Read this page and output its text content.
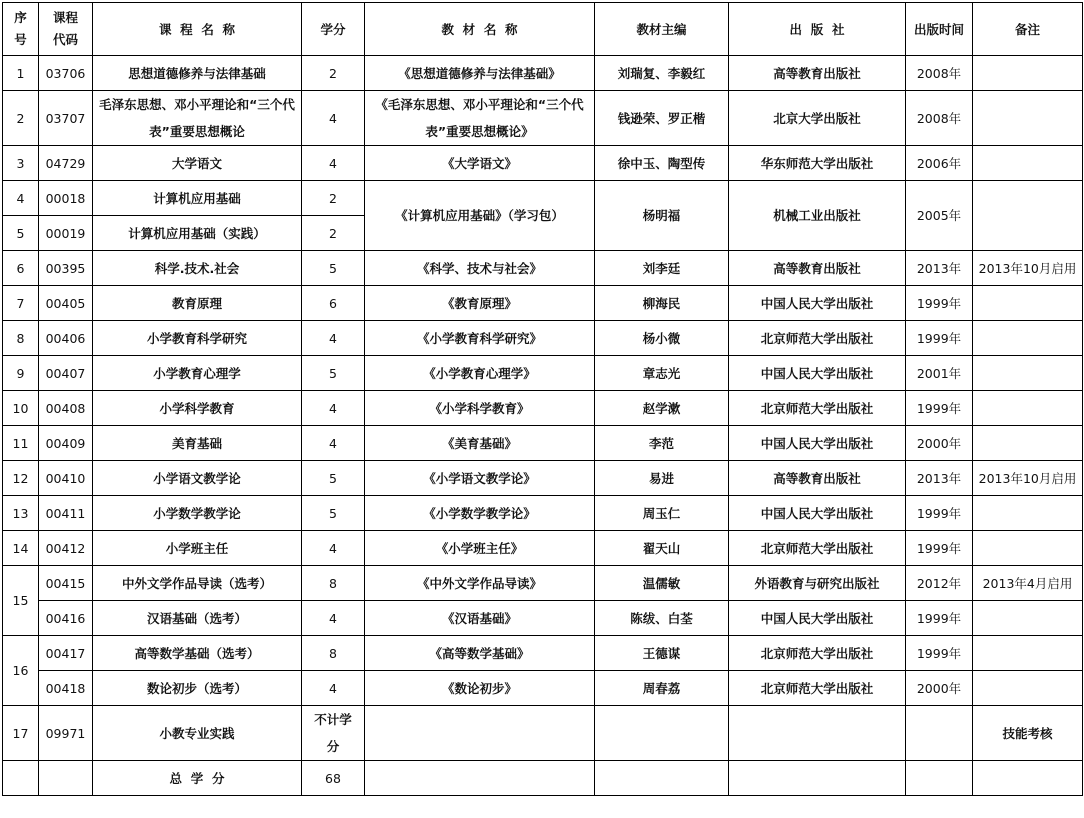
序号	课程代码	课  程  名  称	学分	教  材  名  称	教材主编	出  版  社	出版时间	备注
1	03706	思想道德修养与法律基础	2	《思想道德修养与法律基础》	刘瑞复、李毅红	高等教育出版社	2008年	
2	03707	毛泽东思想、邓小平理论和“三个代表”重要思想概论	4	《毛泽东思想、邓小平理论和“三个代表”重要思想概论》	钱逊荣、罗正楷	北京大学出版社	2008年	
3	04729	大学语文	4	《大学语文》	徐中玉、陶型传	华东师范大学出版社	2006年	
4	00018	计算机应用基础	2	《计算机应用基础》（学习包）	杨明福	机械工业出版社	2005年	
5	00019	计算机应用基础（实践）	2					
6	00395	科学.技术.社会	5	《科学、技术与社会》	刘李廷	高等教育出版社	2013年	2013年10月启用
7	00405	教育原理	6	《教育原理》	柳海民	中国人民大学出版社	1999年	
8	00406	小学教育科学研究	4	《小学教育科学研究》	杨小微	北京师范大学出版社	1999年	
9	00407	小学教育心理学	5	《小学教育心理学》	章志光	中国人民大学出版社	2001年	
10	00408	小学科学教育	4	《小学科学教育》	赵学漱	北京师范大学出版社	1999年	
11	00409	美育基础	4	《美育基础》	李范	中国人民大学出版社	2000年	
12	00410	小学语文教学论	5	《小学语文教学论》	易进	高等教育出版社	2013年	2013年10月启用
13	00411	小学数学教学论	5	《小学数学教学论》	周玉仁	中国人民大学出版社	1999年	
14	00412	小学班主任	4	《小学班主任》	翟天山	北京师范大学出版社	1999年	
15	00415	中外文学作品导读（选考）	8	《中外文学作品导读》	温儒敏	外语教育与研究出版社	2012年	2013年4月启用
	00416	汉语基础（选考）	4	《汉语基础》	陈绂、白荃	中国人民大学出版社	1999年	
16	00417	高等数学基础（选考）	8	《高等数学基础》	王德谋	北京师范大学出版社	1999年	
	00418	数论初步（选考）	4	《数论初步》	周春荔	北京师范大学出版社	2000年	
17	09971	小教专业实践	不计学分					技能考核
		总  学  分	68					
